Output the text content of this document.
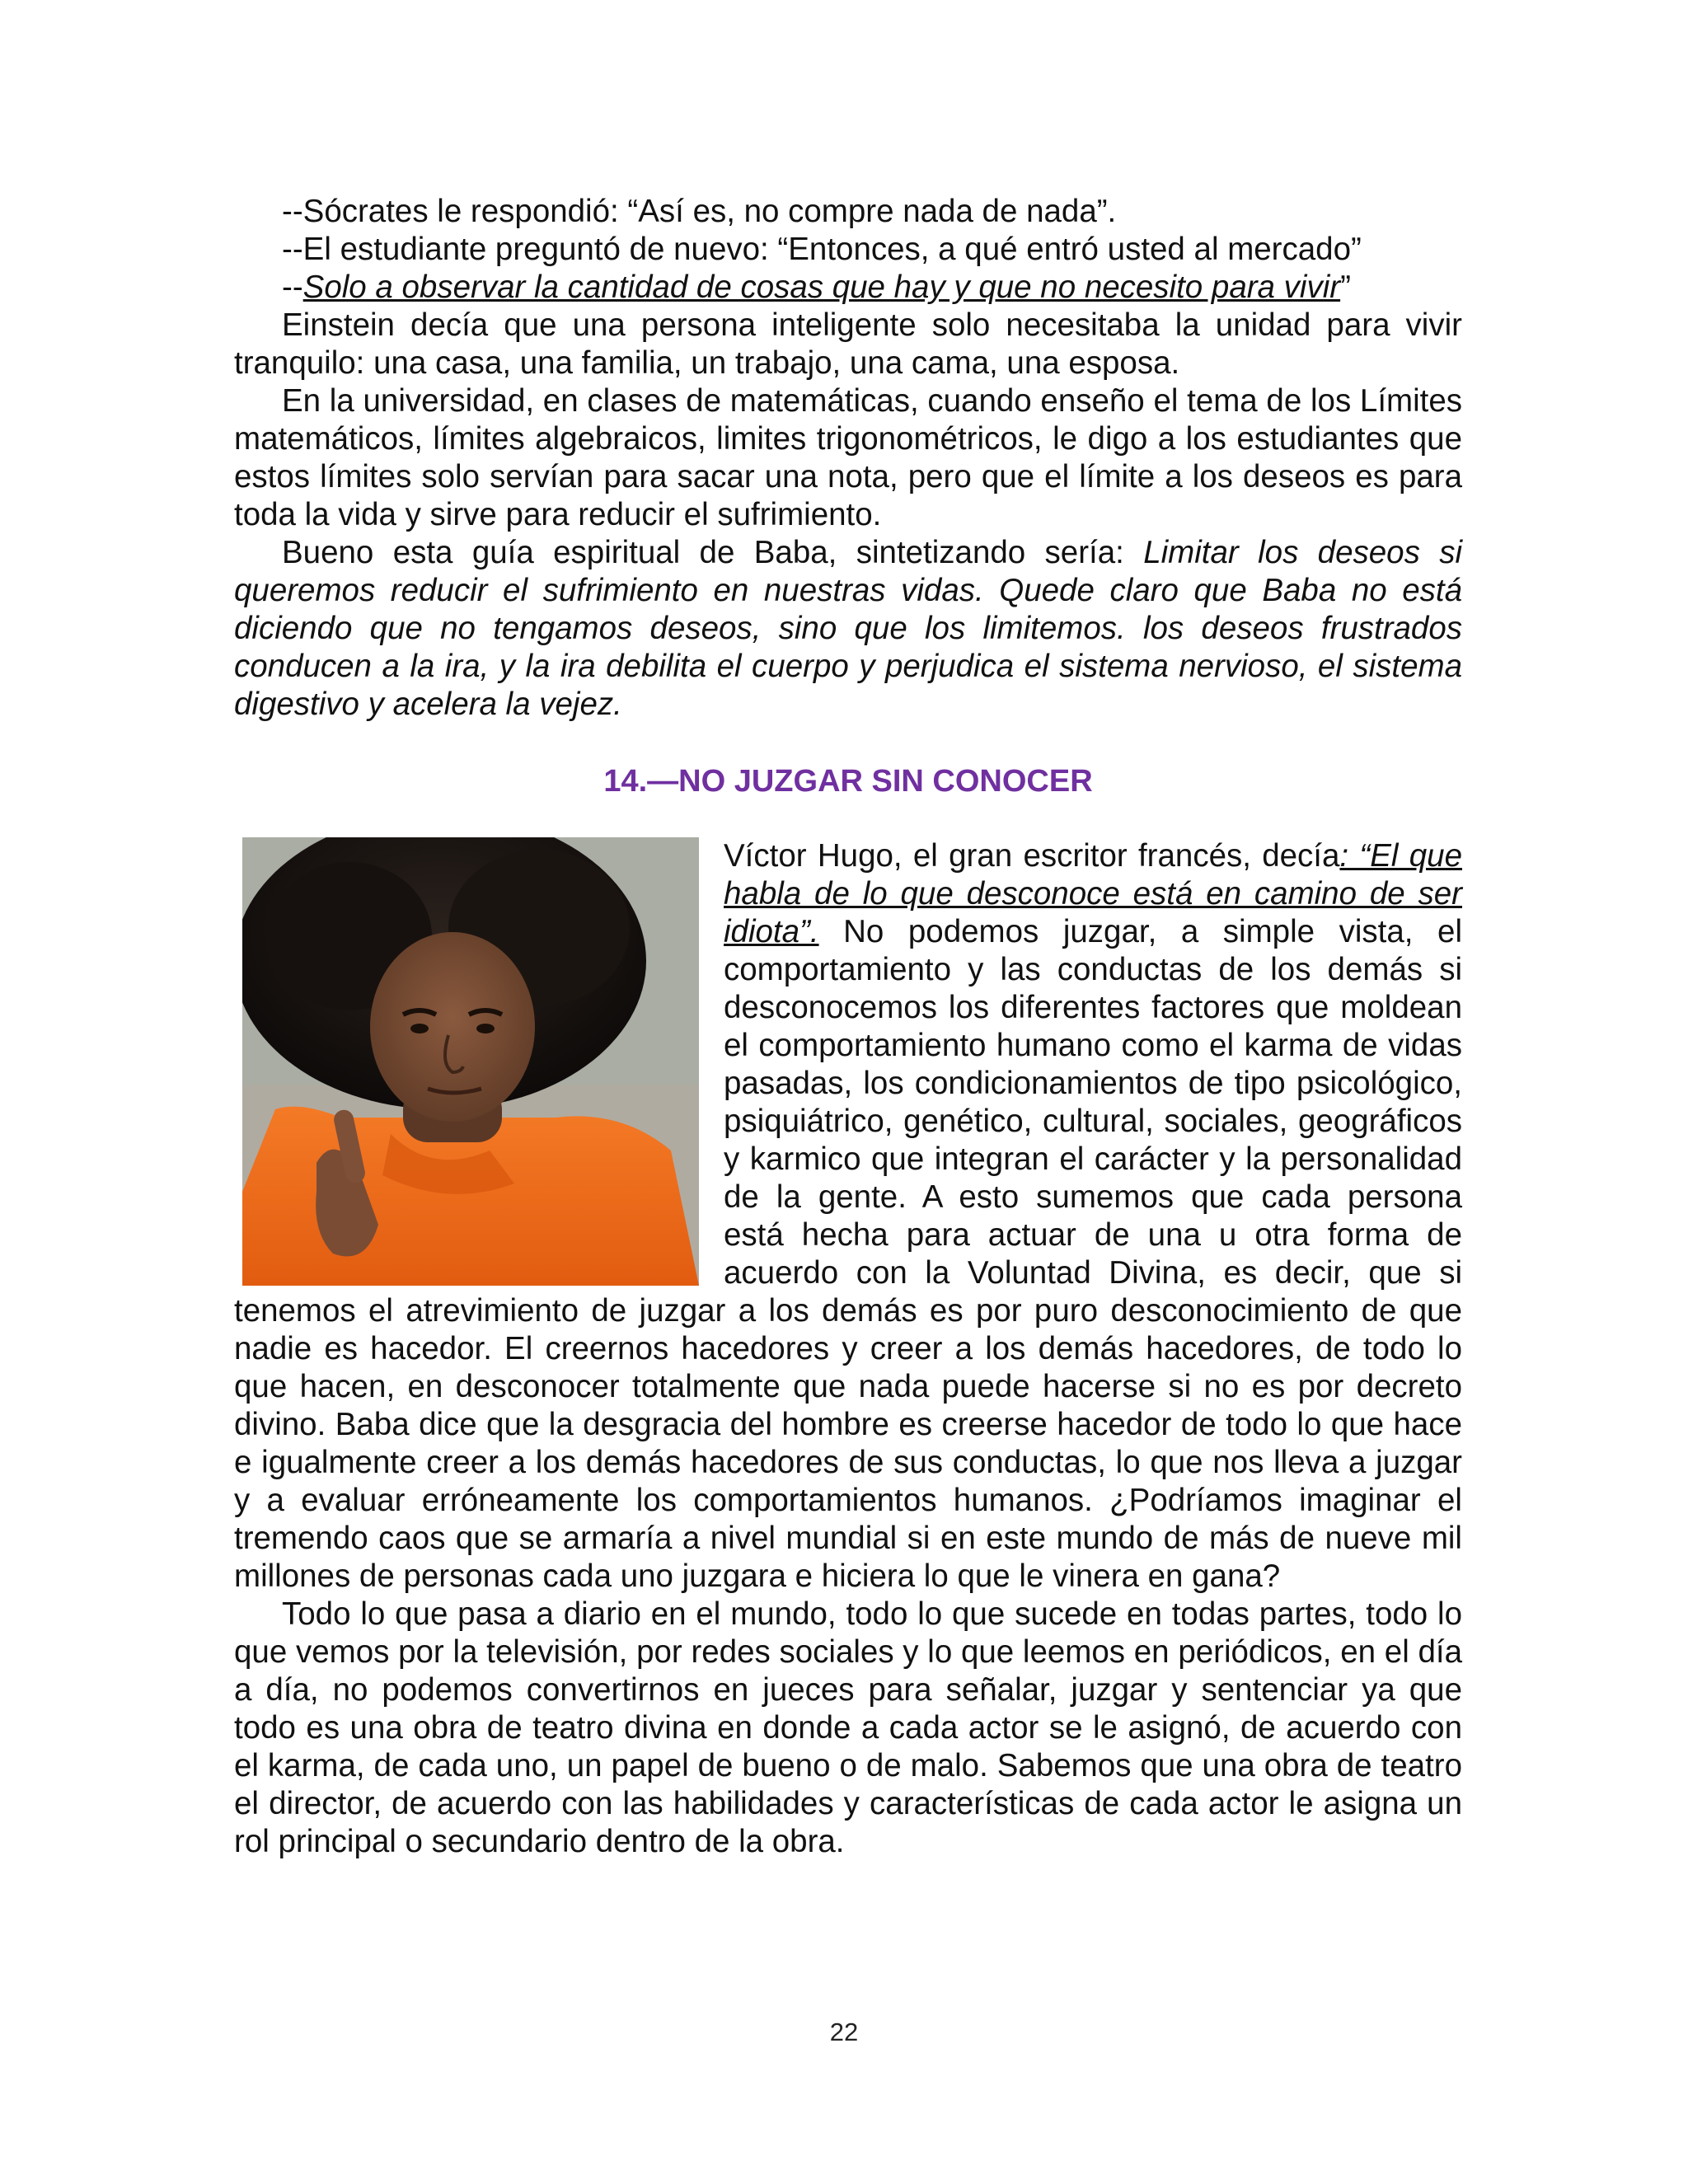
--Sócrates le respondió: “Así es, no compre nada de nada”.

--El estudiante preguntó de nuevo: “Entonces, a qué entró usted al mercado”

--Solo a observar la cantidad de cosas que hay y que no necesito para vivir”

Einstein decía que una persona inteligente solo necesitaba la unidad para vivir tranquilo: una casa, una familia, un trabajo, una cama, una esposa.

En la universidad, en clases de matemáticas, cuando enseño el tema de los Límites matemáticos, límites algebraicos, limites trigonométricos, le digo a los estudiantes que estos límites solo servían para sacar una nota, pero que el límite a los deseos es para toda la vida y sirve para reducir el sufrimiento.

Bueno esta guía espiritual de Baba, sintetizando sería: Limitar los deseos si queremos reducir el sufrimiento en nuestras vidas. Quede claro que Baba no está diciendo que no tengamos deseos, sino que los limitemos. los deseos frustrados conducen a la ira, y la ira debilita el cuerpo y perjudica el sistema nervioso, el sistema digestivo y acelera la vejez.

14.—NO JUZGAR SIN CONOCER

Víctor Hugo, el gran escritor francés, decía: “El que habla de lo que desconoce está en camino de ser idiota”. No podemos juzgar, a simple vista, el comportamiento y las conductas de los demás si desconocemos los diferentes factores que moldean el comportamiento humano como el karma de vidas pasadas, los condicionamientos de tipo psicológico, psiquiátrico, genético, cultural, sociales, geográficos y karmico que integran el carácter y la personalidad de la gente. A esto sumemos que cada persona está hecha para actuar de una u otra forma de acuerdo con la Voluntad Divina, es decir, que si tenemos el atrevimiento de juzgar a los demás es por puro desconocimiento de que nadie es hacedor. El creernos hacedores y creer a los demás hacedores, de todo lo que hacen, en desconocer totalmente que nada puede hacerse si no es por decreto divino. Baba dice que la desgracia del hombre es creerse hacedor de todo lo que hace e igualmente creer a los demás hacedores de sus conductas, lo que nos lleva a juzgar y a evaluar erróneamente los comportamientos humanos. ¿Podríamos imaginar el tremendo caos que se armaría a nivel mundial si en este mundo de más de nueve mil millones de personas cada uno juzgara e hiciera lo que le vinera en gana?

Todo lo que pasa a diario en el mundo, todo lo que sucede en todas partes, todo lo que vemos por la televisión, por redes sociales y lo que leemos en periódicos, en el día a día, no podemos convertirnos en jueces para señalar, juzgar y sentenciar ya que todo es una obra de teatro divina en donde a cada actor se le asignó, de acuerdo con el karma, de cada uno, un papel de bueno o de malo. Sabemos que una obra de teatro el director, de acuerdo con las habilidades y características de cada actor le asigna un rol principal o secundario dentro de la obra.

22
